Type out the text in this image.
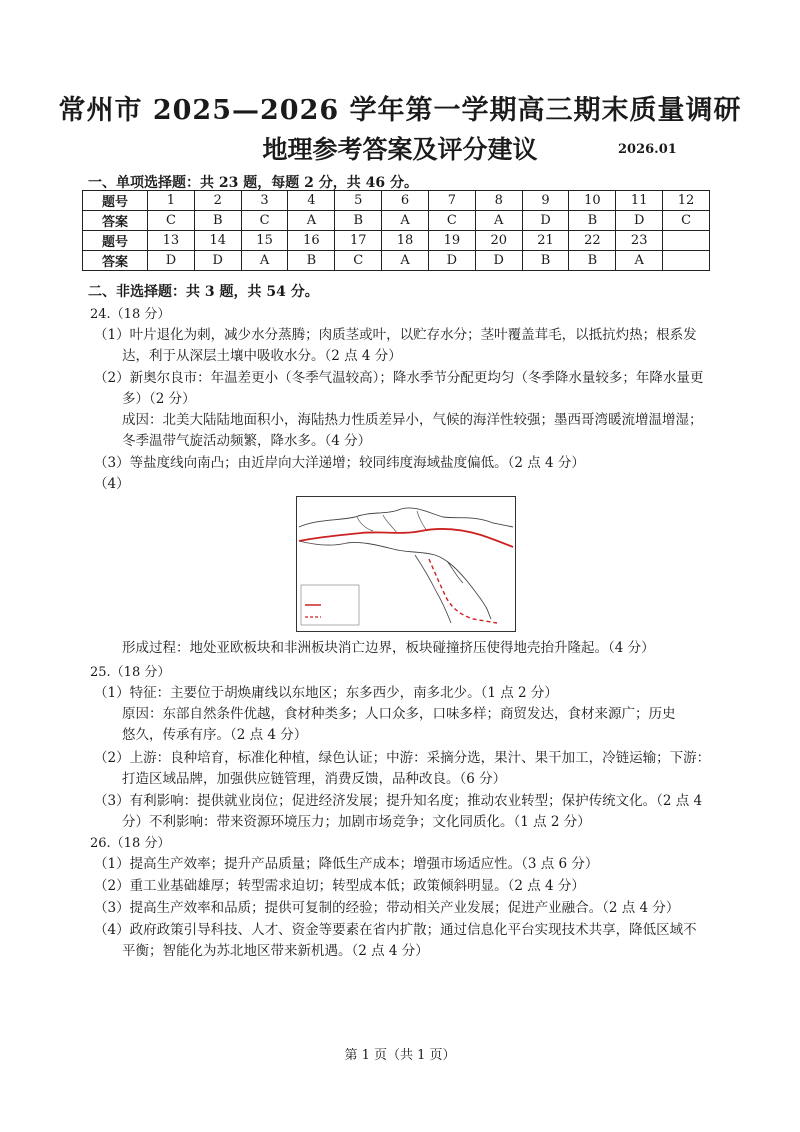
常州市 2025—2026 学年第一学期高三期末质量调研
地理参考答案及评分建议	2026.01
一、单项选择题：共 23 题，每题 2 分，共 46 分。
题号	1	2	3	4	5	6	7	8	9	10	11	12
答案	C	B	C	A	B	A	C	A	D	B	D	C
题号	13	14	15	16	17	18	19	20	21	22	23	
答案	D	D	A	B	C	A	D	D	B	B	A	
二、非选择题：共 3 题，共 54 分。
24.（18 分）
（1）叶片退化为刺，减少水分蒸腾；肉质茎或叶，以贮存水分；茎叶覆盖茸毛，以抵抗灼热；根系发
达，利于从深层土壤中吸收水分。（2 点 4 分）
（2）新奥尔良市：年温差更小（冬季气温较高）；降水季节分配更均匀（冬季降水量较多；年降水量更
多）（2 分）
成因：北美大陆陆地面积小，海陆热力性质差异小，气候的海洋性较强；墨西哥湾暖流增温增湿；
冬季温带气旋活动频繁，降水多。（4 分）
（3）等盐度线向南凸；由近岸向大洋递增；较同纬度海域盐度偏低。（2 点 4 分）
（4）
形成过程：地处亚欧板块和非洲板块消亡边界，板块碰撞挤压使得地壳抬升隆起。（4 分）
25.（18 分）
（1）特征：主要位于胡焕庸线以东地区；东多西少，南多北少。（1 点 2 分）
原因：东部自然条件优越，食材种类多；人口众多，口味多样；商贸发达，食材来源广；历史
悠久，传承有序。（2 点 4 分）
（2）上游：良种培育，标准化种植，绿色认证；中游：采摘分选，果汁、果干加工，冷链运输；下游：
打造区域品牌，加强供应链管理，消费反馈，品种改良。（6 分）
（3）有利影响：提供就业岗位；促进经济发展；提升知名度；推动农业转型；保护传统文化。（2 点 4
分）不利影响：带来资源环境压力；加剧市场竞争；文化同质化。（1 点 2 分）
26.（18 分）
（1）提高生产效率；提升产品质量；降低生产成本；增强市场适应性。（3 点 6 分）
（2）重工业基础雄厚；转型需求迫切；转型成本低；政策倾斜明显。（2 点 4 分）
（3）提高生产效率和品质；提供可复制的经验；带动相关产业发展；促进产业融合。（2 点 4 分）
（4）政府政策引导科技、人才、资金等要素在省内扩散；通过信息化平台实现技术共享，降低区域不
平衡；智能化为苏北地区带来新机遇。（2 点 4 分）
第 1 页（共 1 页）
